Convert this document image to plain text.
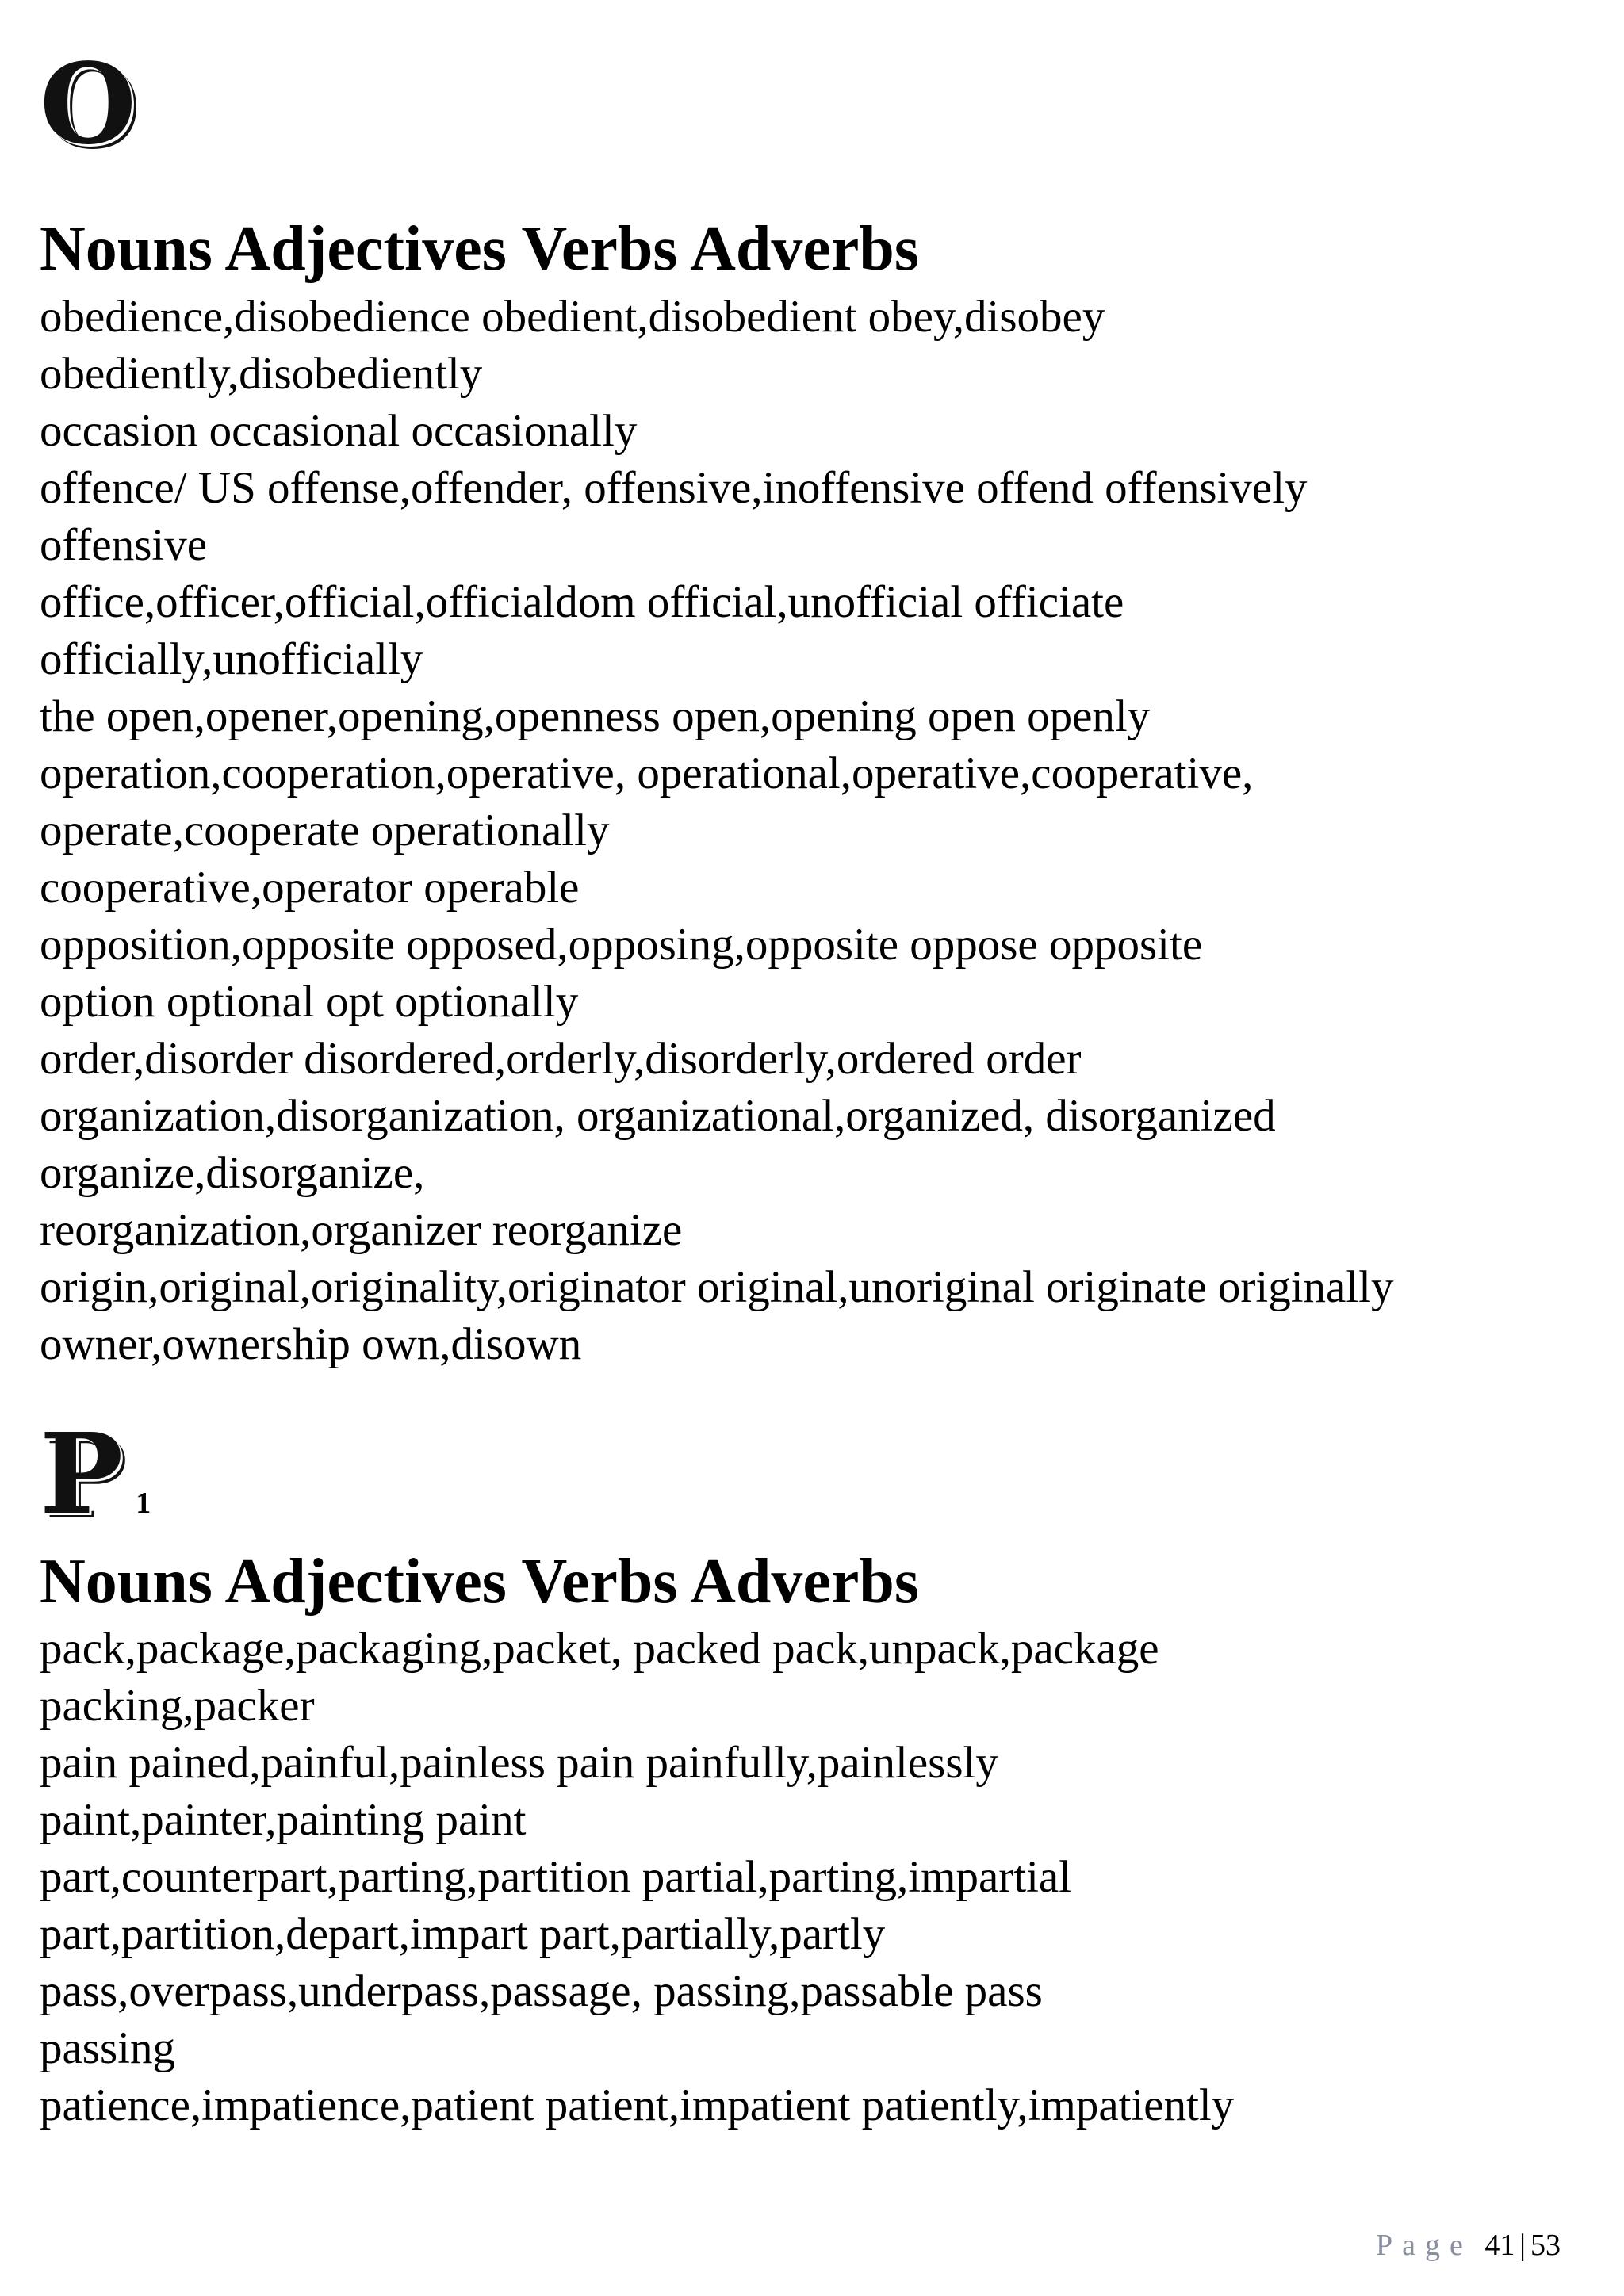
O
Nouns Adjectives Verbs Adverbs
obedience,disobedience obedient,disobedient obey,disobey
obediently,disobediently
occasion occasional occasionally
offence/ US offense,offender, offensive,inoffensive offend offensively
offensive
office,officer,official,officialdom official,unofficial officiate
officially,unofficially
the open,opener,opening,openness open,opening open openly
operation,cooperation,operative, operational,operative,cooperative,
operate,cooperate operationally
cooperative,operator operable
opposition,opposite opposed,opposing,opposite oppose opposite
option optional opt optionally
order,disorder disordered,orderly,disorderly,ordered order
organization,disorganization, organizational,organized, disorganized
organize,disorganize,
reorganization,organizer reorganize
origin,original,originality,originator original,unoriginal originate originally
owner,ownership own,disown
P 1
Nouns Adjectives Verbs Adverbs
pack,package,packaging,packet, packed pack,unpack,package
packing,packer
pain pained,painful,painless pain painfully,painlessly
paint,painter,painting paint
part,counterpart,parting,partition partial,parting,impartial
part,partition,depart,impart part,partially,partly
pass,overpass,underpass,passage, passing,passable pass
passing
patience,impatience,patient patient,impatient patiently,impatiently
Page 41 | 53
